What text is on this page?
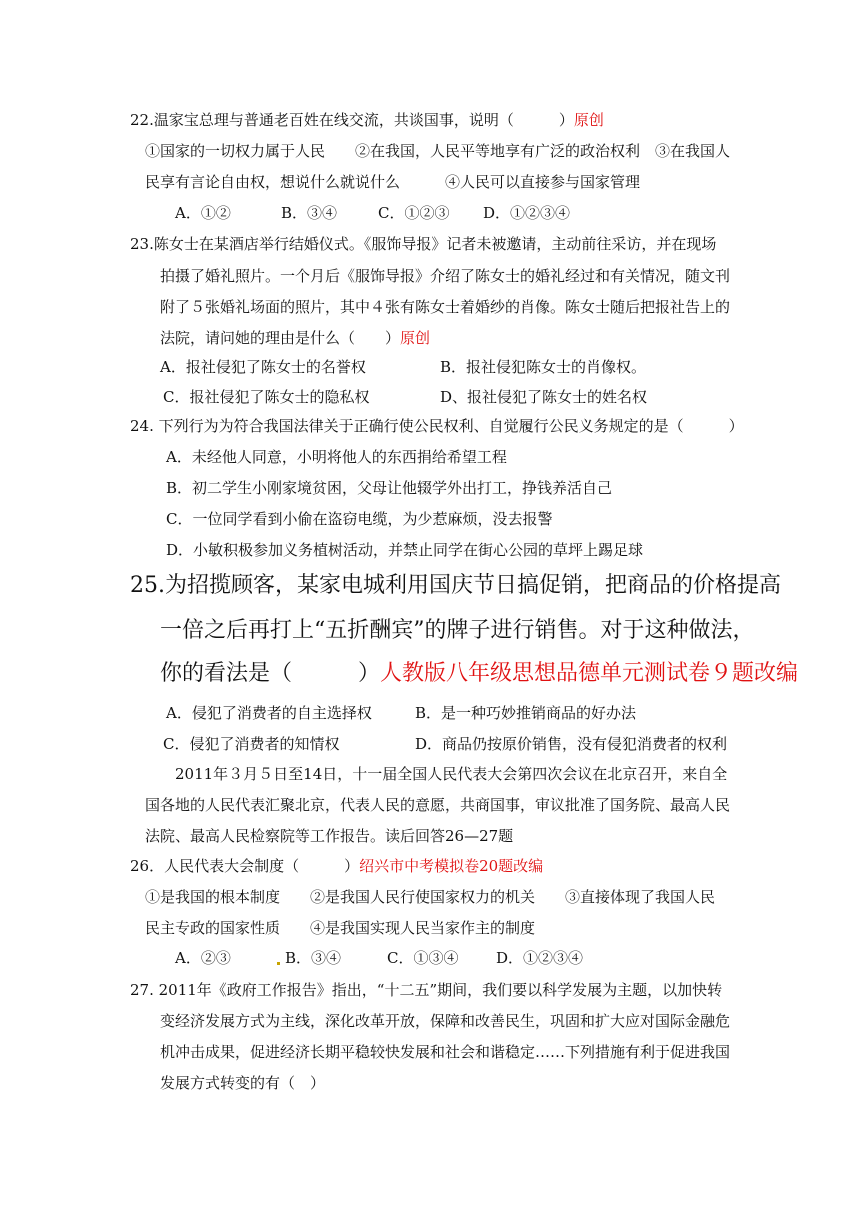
22.温家宝总理与普通老百姓在线交流，共谈国事，说明（　　　）原创
①国家的一切权力属于人民　　②在我国，人民平等地享有广泛的政治权利　③在我国人
民享有言论自由权，想说什么就说什么　　　④人民可以直接参与国家管理
A．①②	B．③④	C．①②③ D．①②③④
23.陈女士在某酒店举行结婚仪式。《服饰导报》记者未被邀请，主动前往采访，并在现场
拍摄了婚礼照片。一个月后《服饰导报》介绍了陈女士的婚礼经过和有关情况，随文刊
附了５张婚礼场面的照片，其中４张有陈女士着婚纱的肖像。陈女士随后把报社告上的
法院，请问她的理由是什么（　　）原创
A．报社侵犯了陈女士的名誉权	B．报社侵犯陈女士的肖像权。
C．报社侵犯了陈女士的隐私权	D、报社侵犯了陈女士的姓名权
24. 下列行为为符合我国法律关于正确行使公民权利、自觉履行公民义务规定的是（　　　）
A．未经他人同意，小明将他人的东西捐给希望工程
B．初二学生小刚家境贫困，父母让他辍学外出打工，挣钱养活自己
C．一位同学看到小偷在盗窃电缆，为少惹麻烦，没去报警
D．小敏积极参加义务植树活动，并禁止同学在街心公园的草坪上踢足球
25.为招揽顾客，某家电城利用国庆节日搞促销，把商品的价格提高
一倍之后再打上“五折酬宾”的牌子进行销售。对于这种做法，
你的看法是（　　　）人教版八年级思想品德单元测试卷９题改编
A．侵犯了消费者的自主选择权	B．是一种巧妙推销商品的好办法
C．侵犯了消费者的知情权	D．商品仍按原价销售，没有侵犯消费者的权利
2011年３月５日至14日，十一届全国人民代表大会第四次会议在北京召开，来自全
国各地的人民代表汇聚北京，代表人民的意愿，共商国事，审议批准了国务院、最高人民
法院、最高人民检察院等工作报告。读后回答26—27题
26．人民代表大会制度（　　　）绍兴市中考模拟卷20题改编
①是我国的根本制度　　②是我国人民行使国家权力的机关　　③直接体现了我国人民
民主专政的国家性质　　④是我国实现人民当家作主的制度
A．②③	B．③④	C．①③④	D．①②③④
27. 2011年《政府工作报告》指出，“十二五”期间，我们要以科学发展为主题，以加快转
变经济发展方式为主线，深化改革开放，保障和改善民生，巩固和扩大应对国际金融危
机冲击成果，促进经济长期平稳较快发展和社会和谐稳定……下列措施有利于促进我国
发展方式转变的有（　）
